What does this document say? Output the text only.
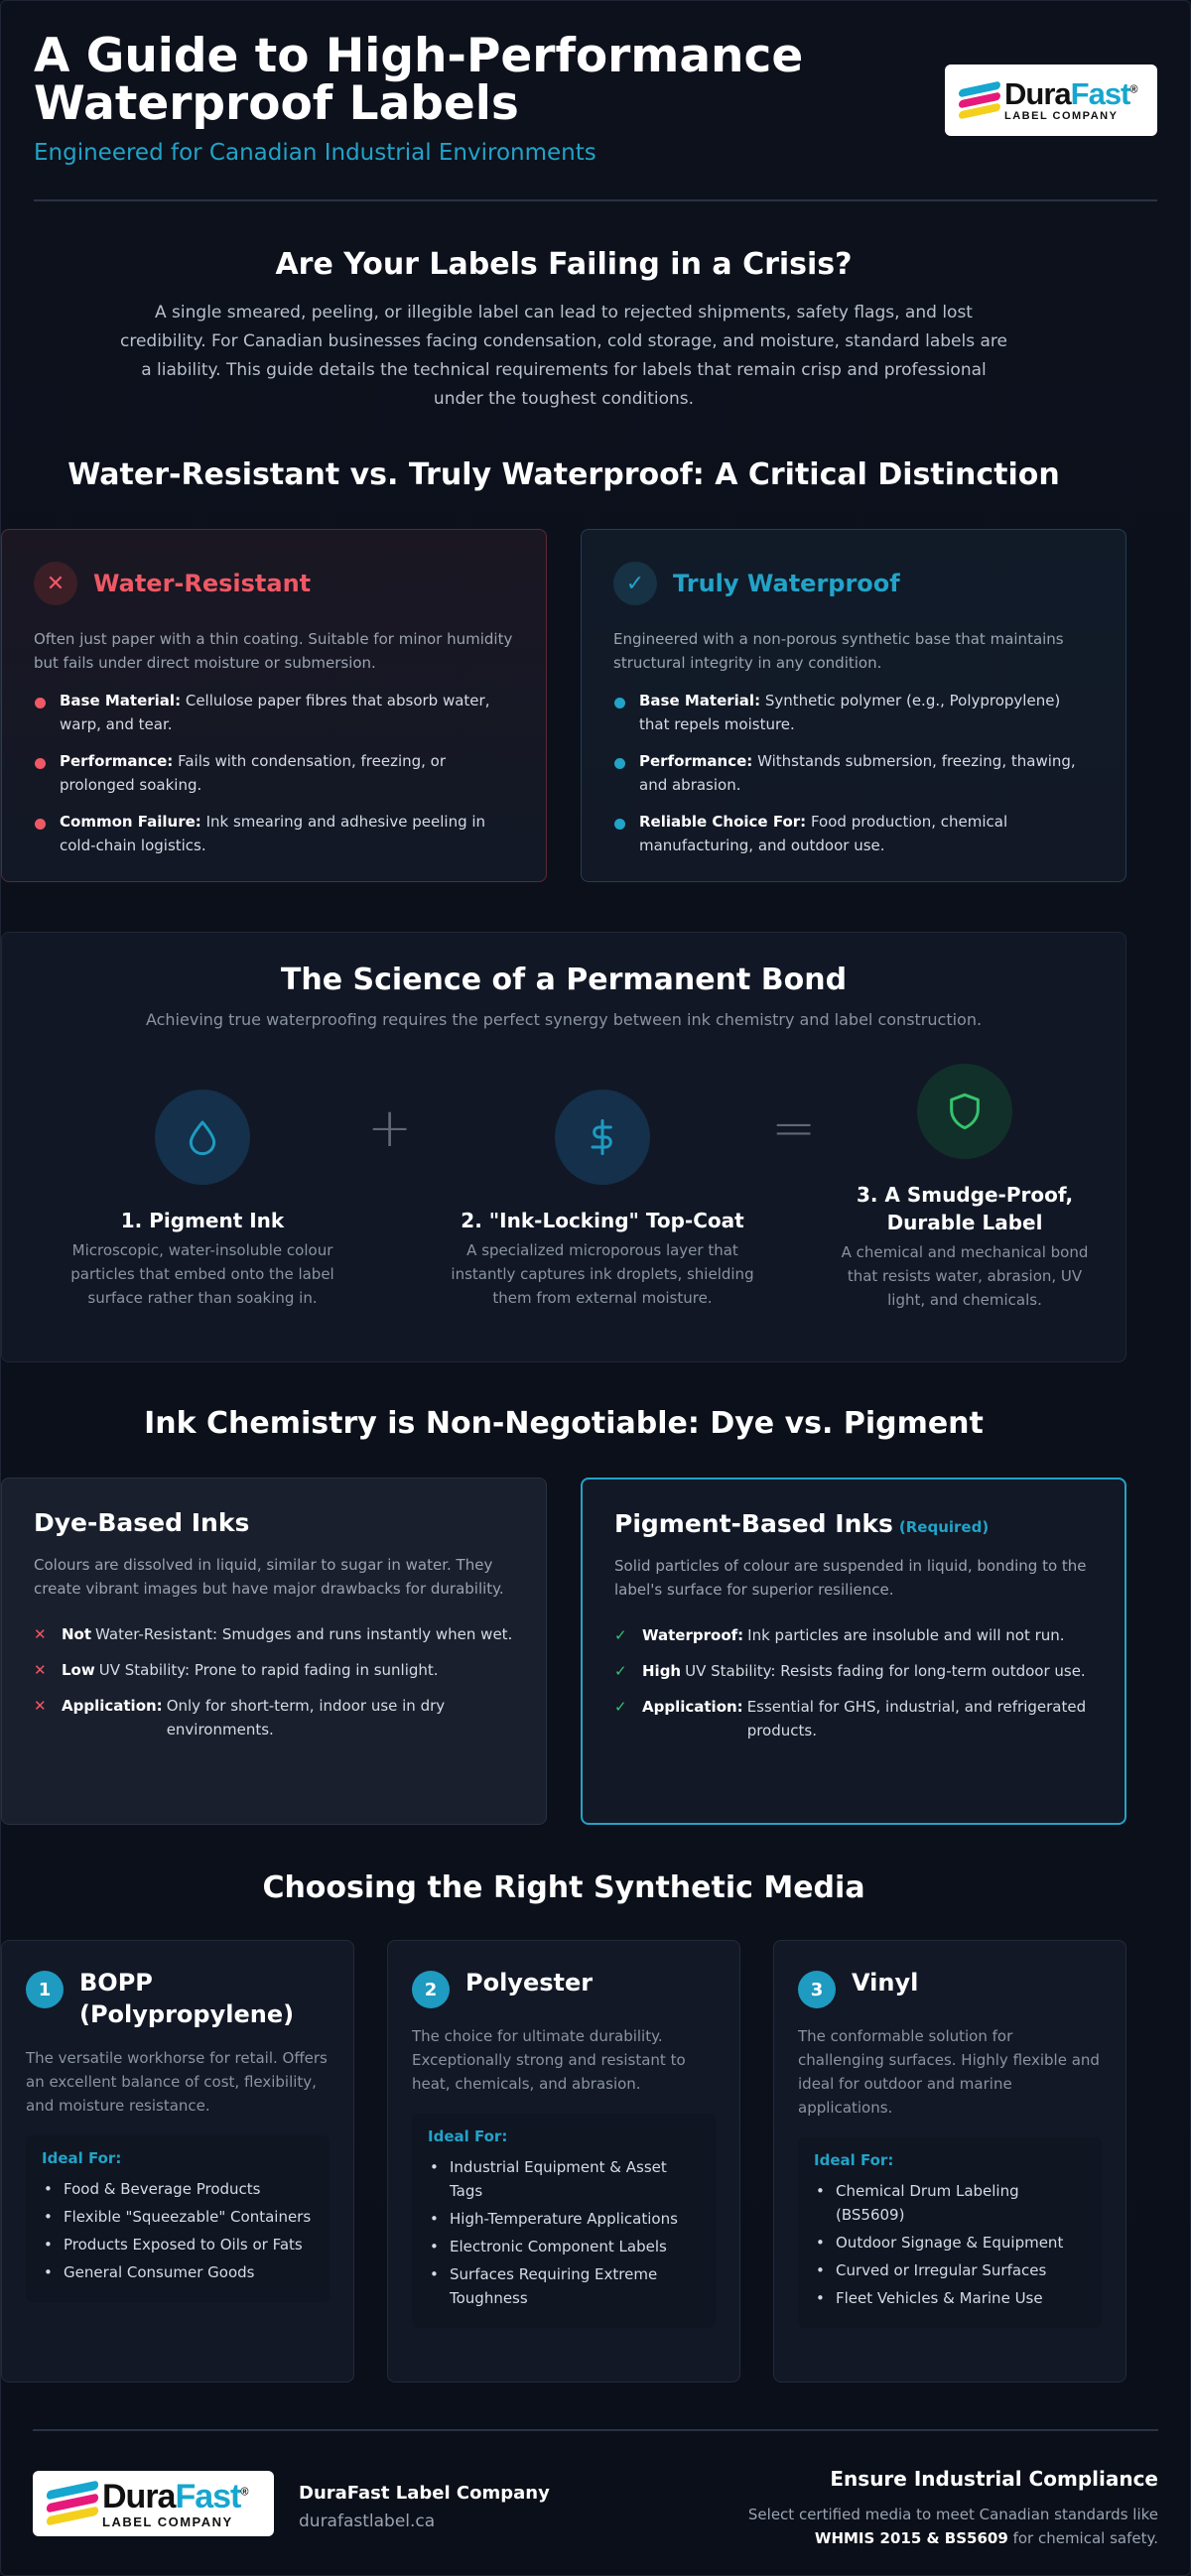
A Guide to High-Performance Waterproof Labels
Engineered for Canadian Industrial Environments
DuraFast®
LABEL COMPANY
Are Your Labels Failing in a Crisis?

A single smeared, peeling, or illegible label can lead to rejected shipments, safety flags, and lost credibility. For Canadian businesses facing condensation, cold storage, and moisture, standard labels are a liability. This guide details the technical requirements for labels that remain crisp and professional under the toughest conditions.

Water-Resistant vs. Truly Waterproof: A Critical Distinction
✕	Water-Resistant

Often just paper with a thin coating. Suitable for minor humidity but fails under direct moisture or submersion.

Base Material: Cellulose paper fibres that absorb water, warp, and tear.
Performance: Fails with condensation, freezing, or prolonged soaking.
Common Failure: Ink smearing and adhesive peeling in cold-chain logistics.
✓	Truly Waterproof

Engineered with a non-porous synthetic base that maintains structural integrity in any condition.

Base Material: Synthetic polymer (e.g., Polypropylene) that repels moisture.
Performance: Withstands submersion, freezing, thawing, and abrasion.
Reliable Choice For: Food production, chemical manufacturing, and outdoor use.
The Science of a Permanent Bond
Achieving true waterproofing requires the perfect synergy between ink chemistry and label construction.
1. Pigment Ink
Microscopic, water-insoluble colour particles that embed onto the label surface rather than soaking in.
+
2. "Ink-Locking" Top-Coat
A specialized microporous layer that instantly captures ink droplets, shielding them from external moisture.
=
3. A Smudge-Proof, Durable Label
A chemical and mechanical bond that resists water, abrasion, UV light, and chemicals.
Ink Chemistry is Non-Negotiable: Dye vs. Pigment
Dye-Based Inks

Colours are dissolved in liquid, similar to sugar in water. They create vibrant images but have major drawbacks for durability.

✕	Not Water-Resistant: Smudges and runs instantly when wet.
✕	Low UV Stability: Prone to rapid fading in sunlight.
✕	Application: Only for short-term, indoor use in dry environments.
Pigment-Based Inks (Required)

Solid particles of colour are suspended in liquid, bonding to the label's surface for superior resilience.

✓	Waterproof: Ink particles are insoluble and will not run.
✓	High UV Stability: Resists fading for long-term outdoor use.
✓	Application: Essential for GHS, industrial, and refrigerated products.
Choosing the Right Synthetic Media
1	BOPP (Polypropylene)

The versatile workhorse for retail. Offers an excellent balance of cost, flexibility, and moisture resistance.

Ideal For:
• Food & Beverage Products
• Flexible "Squeezable" Containers
• Products Exposed to Oils or Fats
• General Consumer Goods
2	Polyester

The choice for ultimate durability. Exceptionally strong and resistant to heat, chemicals, and abrasion.

Ideal For:
• Industrial Equipment & Asset Tags
• High-Temperature Applications
• Electronic Component Labels
• Surfaces Requiring Extreme Toughness
3	Vinyl

The conformable solution for challenging surfaces. Highly flexible and ideal for outdoor and marine applications.

Ideal For:
• Chemical Drum Labeling (BS5609)
• Outdoor Signage & Equipment
• Curved or Irregular Surfaces
• Fleet Vehicles & Marine Use
DuraFast®
LABEL COMPANY
DuraFast Label Company
durafastlabel.ca
Ensure Industrial Compliance
Select certified media to meet Canadian standards like
WHMIS 2015 & BS5609 for chemical safety.
